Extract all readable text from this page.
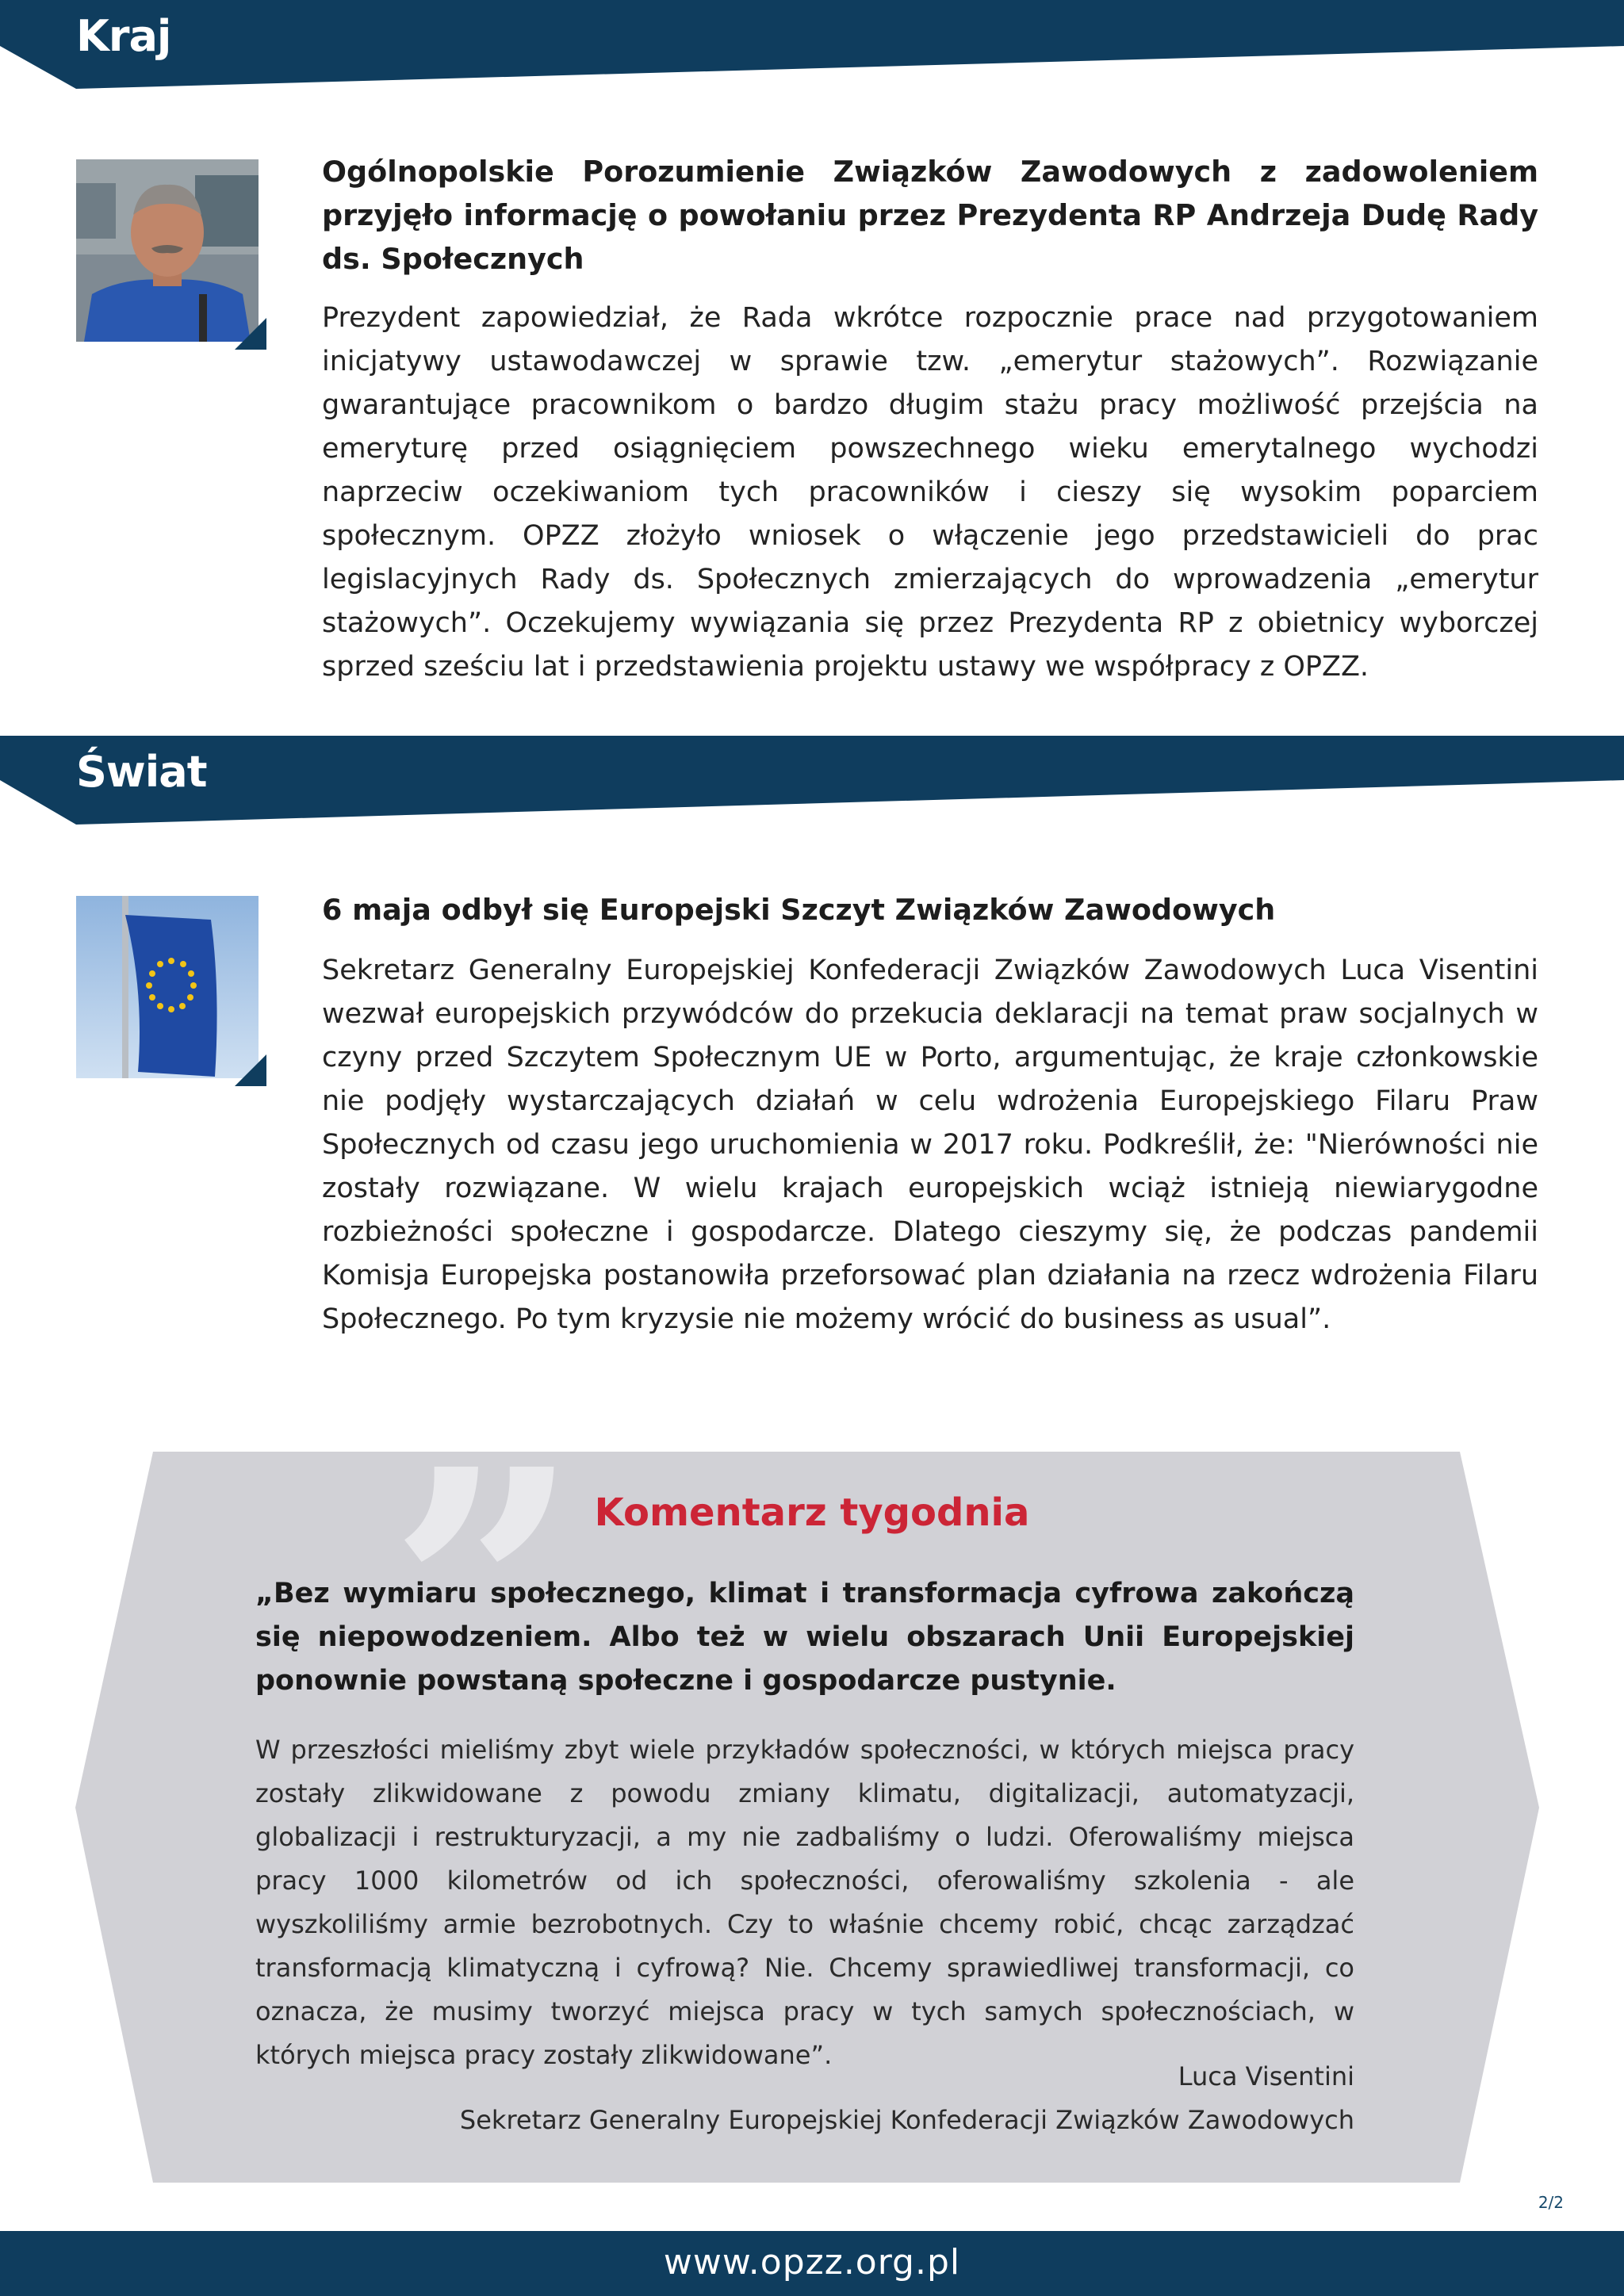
Kraj

Ogólnopolskie Porozumienie Związków Zawodowych z zadowoleniem przyjęło informację o powołaniu przez Prezydenta RP Andrzeja Dudę Rady ds. Społecznych

Prezydent zapowiedział, że Rada wkrótce rozpocznie prace nad przygotowaniem inicjatywy ustawodawczej w sprawie tzw. „emerytur stażowych”. Rozwiązanie gwarantujące pracownikom o bardzo długim stażu pracy możliwość przejścia na emeryturę przed osiągnięciem powszechnego wieku emerytalnego wychodzi naprzeciw oczekiwaniom tych pracowników i cieszy się wysokim poparciem społecznym. OPZZ złożyło wniosek o włączenie jego przedstawicieli do prac legislacyjnych Rady ds. Społecznych zmierzających do wprowadzenia „emerytur stażowych”. Oczekujemy wywiązania się przez Prezydenta RP z obietnicy wyborczej sprzed sześciu lat i przedstawienia projektu ustawy we współpracy z OPZZ.

Świat

6 maja odbył się Europejski Szczyt Związków Zawodowych

Sekretarz Generalny Europejskiej Konfederacji Związków Zawodowych Luca Visentini wezwał europejskich przywódców do przekucia deklaracji na temat praw socjalnych w czyny przed Szczytem Społecznym UE w Porto, argumentując, że kraje członkowskie nie podjęły wystarczających działań w celu wdrożenia Europejskiego Filaru Praw Społecznych od czasu jego uruchomienia w 2017 roku. Podkreślił, że: "Nierówności nie zostały rozwiązane. W wielu krajach europejskich wciąż istnieją niewiarygodne rozbieżności społeczne i gospodarcze. Dlatego cieszymy się, że podczas pandemii Komisja Europejska postanowiła przeforsować plan działania na rzecz wdrożenia Filaru Społecznego. Po tym kryzysie nie możemy wrócić do business as usual”.

” Komentarz tygodnia

„Bez wymiaru społecznego, klimat i transformacja cyfrowa zakończą się niepowodzeniem. Albo też w wielu obszarach Unii Europejskiej ponownie powstaną społeczne i gospodarcze pustynie.

W przeszłości mieliśmy zbyt wiele przykładów społeczności, w których miejsca pracy zostały zlikwidowane z powodu zmiany klimatu, digitalizacji, automatyzacji, globalizacji i restrukturyzacji, a my nie zadbaliśmy o ludzi. Oferowaliśmy miejsca pracy 1000 kilometrów od ich społeczności, oferowaliśmy szkolenia - ale wyszkoliliśmy armie bezrobotnych. Czy to właśnie chcemy robić, chcąc zarządzać transformacją klimatyczną i cyfrową? Nie. Chcemy sprawiedliwej transformacji, co oznacza, że musimy tworzyć miejsca pracy w tych samych społecznościach, w których miejsca pracy zostały zlikwidowane”.

Luca Visentini
Sekretarz Generalny Europejskiej Konfederacji Związków Zawodowych
2/2
www.opzz.org.pl
